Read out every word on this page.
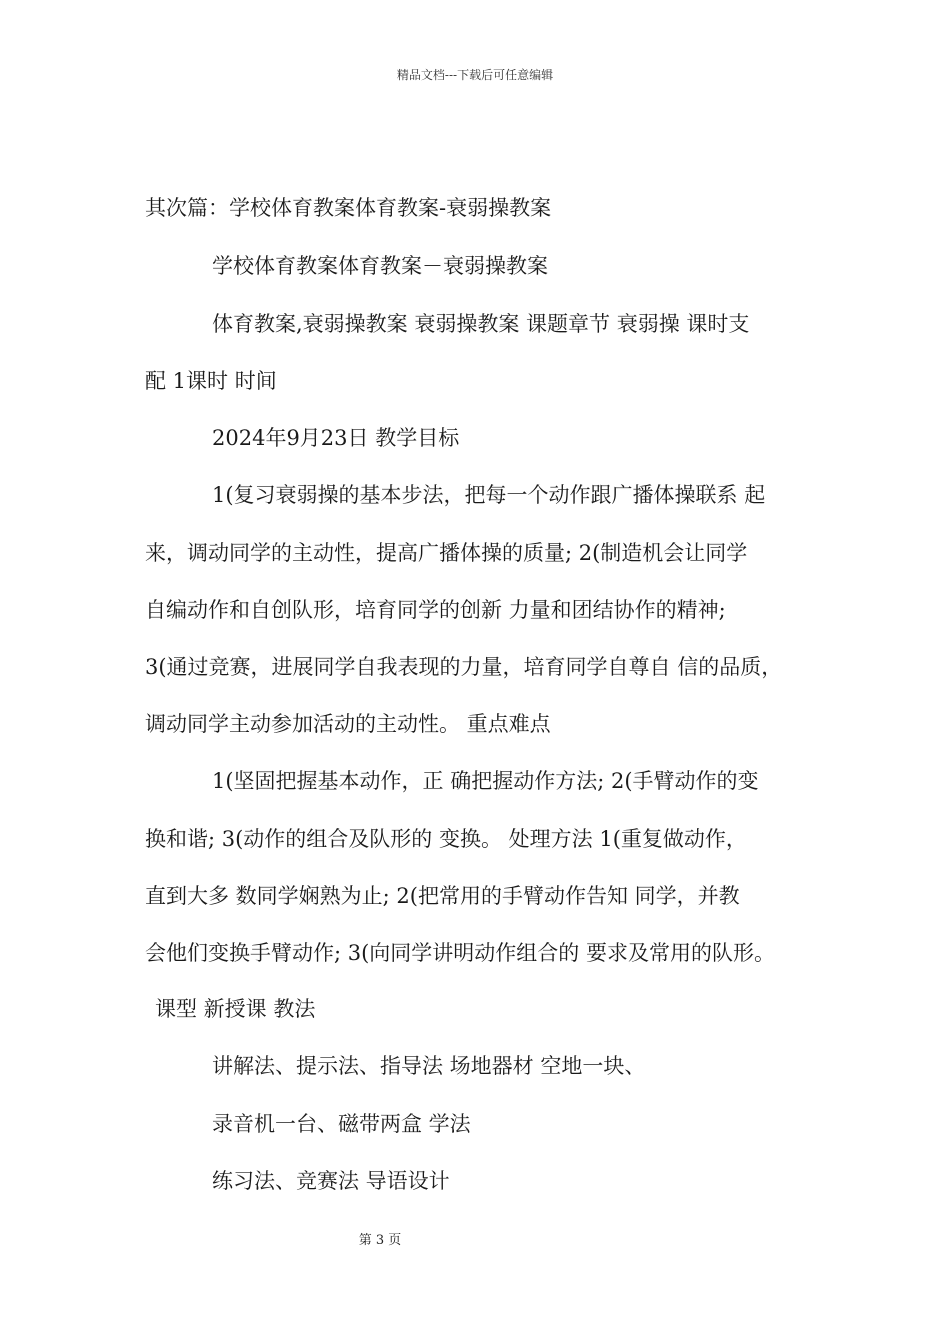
精品文档---下载后可任意编辑
其次篇：学校体育教案体育教案-衰弱操教案
学校体育教案体育教案－衰弱操教案
体育教案,衰弱操教案 衰弱操教案 课题章节 衰弱操 课时支
配 1课时 时间
2024年9月23日 教学目标
1(复习衰弱操的基本步法，把每一个动作跟广播体操联系 起
来，调动同学的主动性，提高广播体操的质量; 2(制造机会让同学
自编动作和自创队形，培育同学的创新 力量和团结协作的精神;
3(通过竞赛，进展同学自我表现的力量，培育同学自尊自 信的品质，
调动同学主动参加活动的主动性。 重点难点
1(坚固把握基本动作，正 确把握动作方法; 2(手臂动作的变
换和谐; 3(动作的组合及队形的 变换。 处理方法 1(重复做动作，
直到大多 数同学娴熟为止; 2(把常用的手臂动作告知 同学，并教
会他们变换手臂动作; 3(向同学讲明动作组合的 要求及常用的队形。
课型 新授课 教法
讲解法、提示法、指导法 场地器材 空地一块、
录音机一台、磁带两盒 学法
练习法、竞赛法 导语设计
第 3 页
